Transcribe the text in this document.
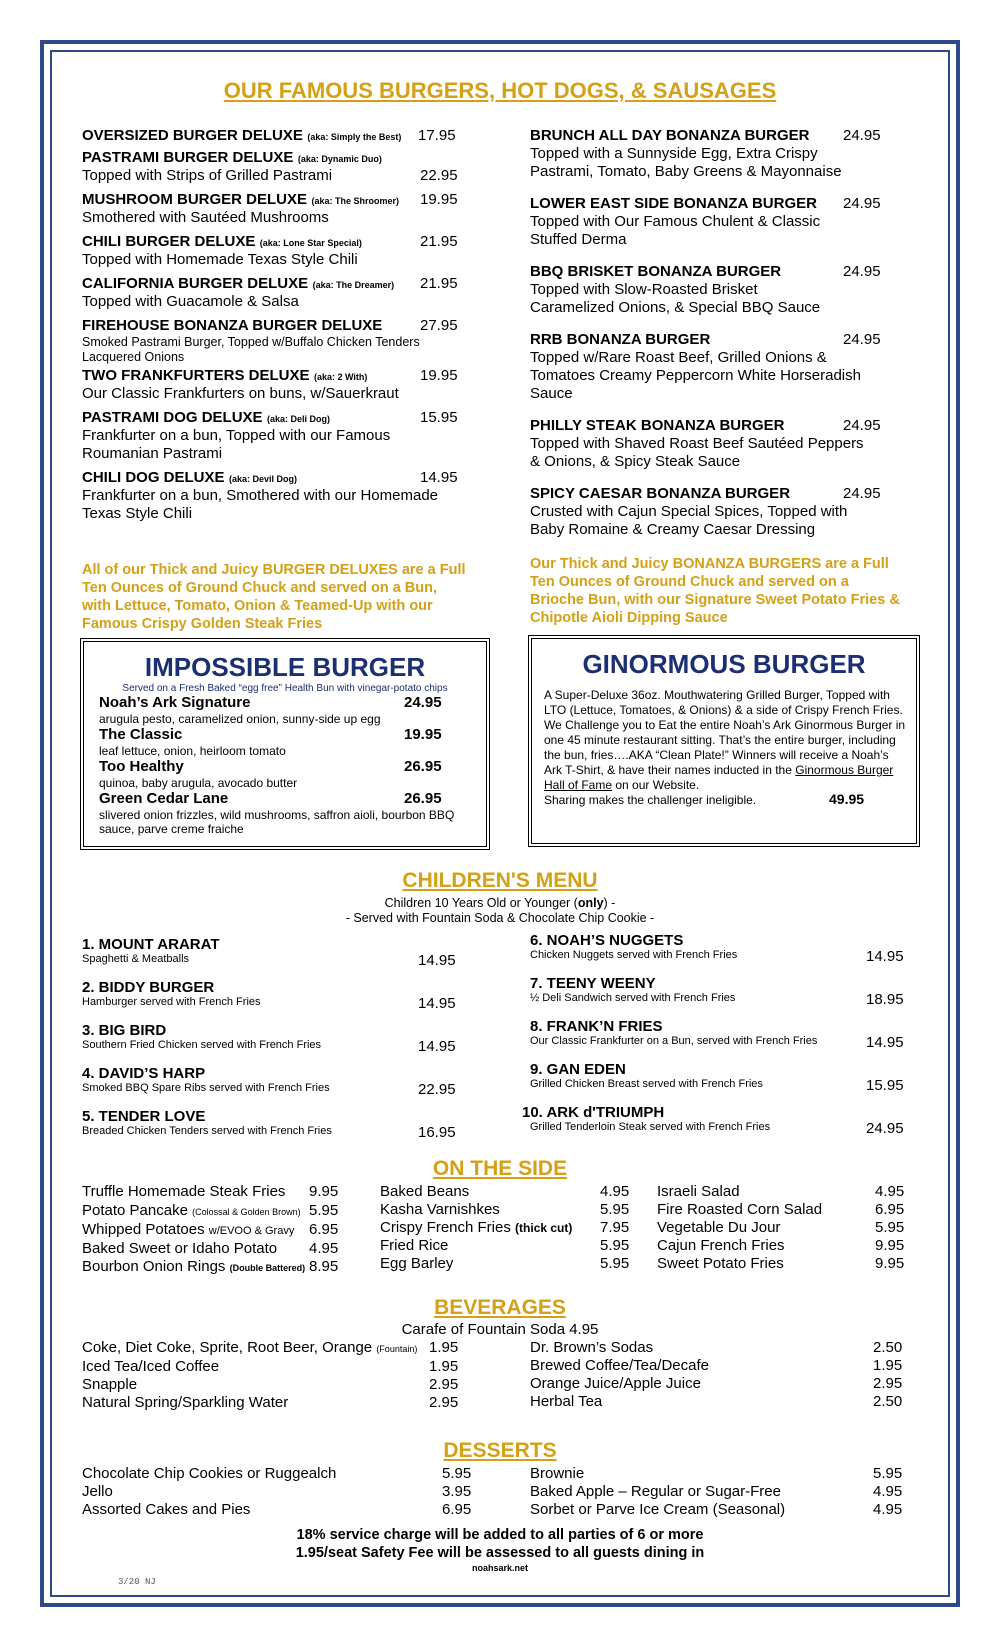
OUR FAMOUS BURGERS, HOT DOGS, & SAUSAGES
OVERSIZED BURGER DELUXE (aka: Simply the Best) 17.95
PASTRAMI BURGER DELUXE (aka: Dynamic Duo)
Topped with Strips of Grilled Pastrami	22.95
MUSHROOM BURGER DELUXE (aka: The Shroomer) 19.95
Smothered with Sautéed Mushrooms
CHILI BURGER DELUXE (aka: Lone Star Special)	21.95
Topped with Homemade Texas Style Chili
CALIFORNIA BURGER DELUXE (aka: The Dreamer) 21.95
Topped with Guacamole & Salsa
FIREHOUSE BONANZA BURGER DELUXE	27.95
Smoked Pastrami Burger, Topped w/Buffalo Chicken Tenders Lacquered Onions
TWO FRANKFURTERS DELUXE (aka: 2 With)	19.95
Our Classic Frankfurters on buns, w/Sauerkraut
PASTRAMI DOG DELUXE (aka: Deli Dog)	15.95
Frankfurter on a bun, Topped with our Famous Roumanian Pastrami
CHILI DOG DELUXE (aka: Devil Dog)	14.95
Frankfurter on a bun, Smothered with our Homemade Texas Style Chili
All of our Thick and Juicy BURGER DELUXES are a Full Ten Ounces of Ground Chuck and served on a Bun, with Lettuce, Tomato, Onion & Teamed-Up with our Famous Crispy Golden Steak Fries
BRUNCH ALL DAY BONANZA BURGER 24.95
Topped with a Sunnyside Egg, Extra Crispy Pastrami, Tomato, Baby Greens & Mayonnaise
LOWER EAST SIDE BONANZA BURGER 24.95
Topped with Our Famous Chulent & Classic Stuffed Derma
BBQ BRISKET BONANZA BURGER	24.95
Topped with Slow-Roasted Brisket Caramelized Onions, & Special BBQ Sauce
RRB BONANZA BURGER	24.95
Topped w/Rare Roast Beef, Grilled Onions & Tomatoes Creamy Peppercorn White Horseradish Sauce
PHILLY STEAK BONANZA BURGER	24.95
Topped with Shaved Roast Beef Sautéed Peppers & Onions, & Spicy Steak Sauce
SPICY CAESAR BONANZA BURGER	24.95
Crusted with Cajun Special Spices, Topped with Baby Romaine & Creamy Caesar Dressing
Our Thick and Juicy BONANZA BURGERS are a Full Ten Ounces of Ground Chuck and served on a Brioche Bun, with our Signature Sweet Potato Fries & Chipotle Aioli Dipping Sauce
IMPOSSIBLE BURGER
Served on a Fresh Baked “egg free” Health Bun with vinegar-potato chips
Noah’s Ark Signature	24.95
arugula pesto, caramelized onion, sunny-side up egg
The Classic	19.95
leaf lettuce, onion, heirloom tomato
Too Healthy	26.95
quinoa, baby arugula, avocado butter
Green Cedar Lane	26.95
slivered onion frizzles, wild mushrooms, saffron aioli, bourbon BBQ sauce, parve creme fraiche
GINORMOUS BURGER
A Super-Deluxe 36oz. Mouthwatering Grilled Burger, Topped with LTO (Lettuce, Tomatoes, & Onions) & a side of Crispy French Fries.
We Challenge you to Eat the entire Noah’s Ark Ginormous Burger in one 45 minute restaurant sitting. That’s the entire burger, including the bun, fries….AKA “Clean Plate!” Winners will receive a Noah’s Ark T-Shirt, & have their names inducted in the Ginormous Burger Hall of Fame on our Website.
Sharing makes the challenger ineligible.	49.95
CHILDREN'S MENU
Children 10 Years Old or Younger (only) -
- Served with Fountain Soda & Chocolate Chip Cookie -
1. MOUNT ARARAT
Spaghetti & Meatballs	14.95
2. BIDDY BURGER
Hamburger served with French Fries	14.95
3. BIG BIRD
Southern Fried Chicken served with French Fries	14.95
4. DAVID’S HARP
Smoked BBQ Spare Ribs served with French Fries	22.95
5. TENDER LOVE
Breaded Chicken Tenders served with French Fries	16.95
6. NOAH’S NUGGETS
Chicken Nuggets served with French Fries	14.95
7. TEENY WEENY
½ Deli Sandwich served with French Fries	18.95
8. FRANK’N FRIES
Our Classic Frankfurter on a Bun, served with French Fries	14.95
9. GAN EDEN
Grilled Chicken Breast served with French Fries	15.95
10. ARK d'TRIUMPH
Grilled Tenderloin Steak served with French Fries	24.95
ON THE SIDE
Truffle Homemade Steak Fries 9.95
Potato Pancake (Colossal & Golden Brown) 5.95
Whipped Potatoes w/EVOO & Gravy 6.95
Baked Sweet or Idaho Potato 4.95
Bourbon Onion Rings (Double Battered) 8.95
Baked Beans	4.95
Kasha Varnishkes	5.95
Crispy French Fries (thick cut) 7.95
Fried Rice	5.95
Egg Barley	5.95
Israeli Salad	4.95
Fire Roasted Corn Salad	6.95
Vegetable Du Jour	5.95
Cajun French Fries	9.95
Sweet Potato Fries	9.95
BEVERAGES
Carafe of Fountain Soda 4.95
Coke, Diet Coke, Sprite, Root Beer, Orange (Fountain) 1.95
Iced Tea/Iced Coffee	1.95
Snapple	2.95
Natural Spring/Sparkling Water	2.95
Dr. Brown’s Sodas	2.50
Brewed Coffee/Tea/Decafe	1.95
Orange Juice/Apple Juice	2.95
Herbal Tea	2.50
DESSERTS
Chocolate Chip Cookies or Ruggealch	5.95
Jello	3.95
Assorted Cakes and Pies	6.95
Brownie	5.95
Baked Apple – Regular or Sugar-Free	4.95
Sorbet or Parve Ice Cream (Seasonal)	4.95
18% service charge will be added to all parties of 6 or more
1.95/seat Safety Fee will be assessed to all guests dining in
noahsark.net
3/20 NJ
